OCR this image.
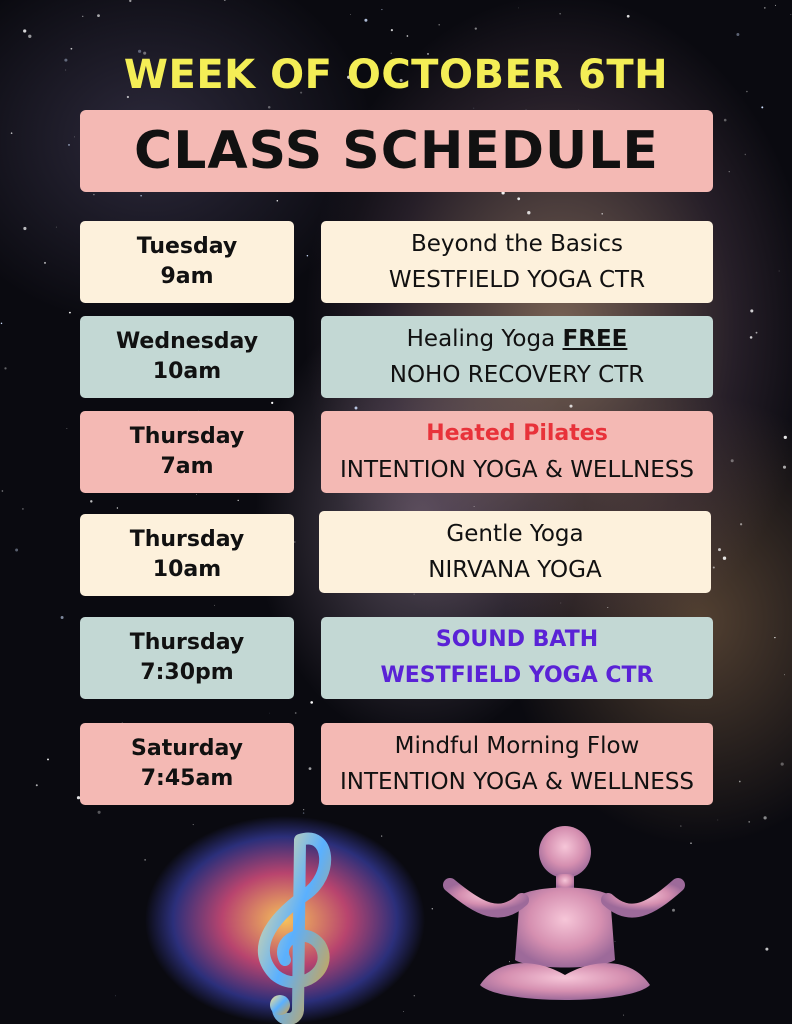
WEEK OF OCTOBER 6TH
CLASS SCHEDULE
Tuesday
9am
Beyond the Basics
WESTFIELD YOGA CTR
Wednesday
10am
Healing Yoga FREE
NOHO RECOVERY CTR
Thursday
7am
Heated Pilates
INTENTION YOGA & WELLNESS
Thursday
10am
Gentle Yoga
NIRVANA YOGA
Thursday
7:30pm
SOUND BATH
WESTFIELD YOGA CTR
Saturday
7:45am
Mindful Morning Flow
INTENTION YOGA & WELLNESS
